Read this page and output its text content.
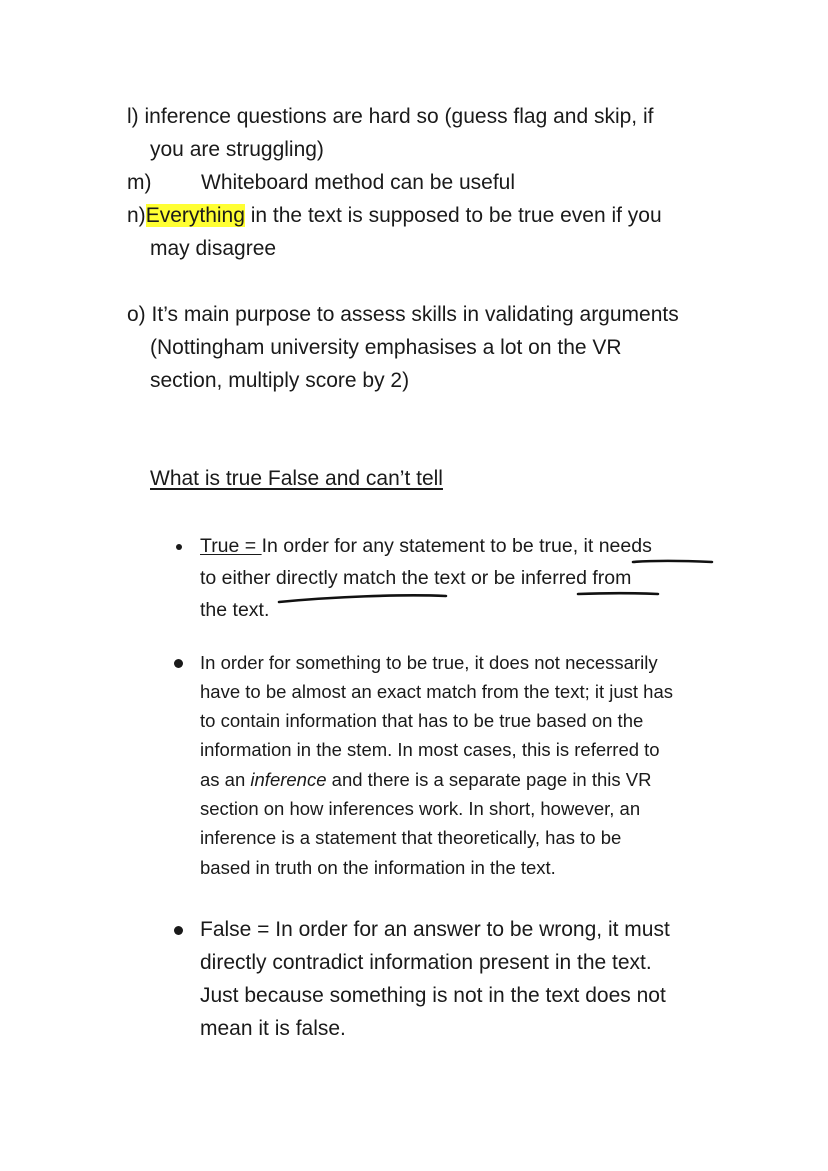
l) inference questions are hard so (guess flag and skip, if
you are struggling)
m) Whiteboard method can be useful
n)Everything in the text is supposed to be true even if you
may disagree
o) It’s main purpose to assess skills in validating arguments
(Nottingham university emphasises a lot on the VR
section, multiply score by 2)
What is true False and can’t tell
True = In order for any statement to be true, it needs
to either directly match the text or be inferred from
the text.
In order for something to be true, it does not necessarily
have to be almost an exact match from the text; it just has
to contain information that has to be true based on the
information in the stem. In most cases, this is referred to
as an inference and there is a separate page in this VR
section on how inferences work. In short, however, an
inference is a statement that theoretically, has to be
based in truth on the information in the text.
False = In order for an answer to be wrong, it must
directly contradict information present in the text.
Just because something is not in the text does not
mean it is false.
